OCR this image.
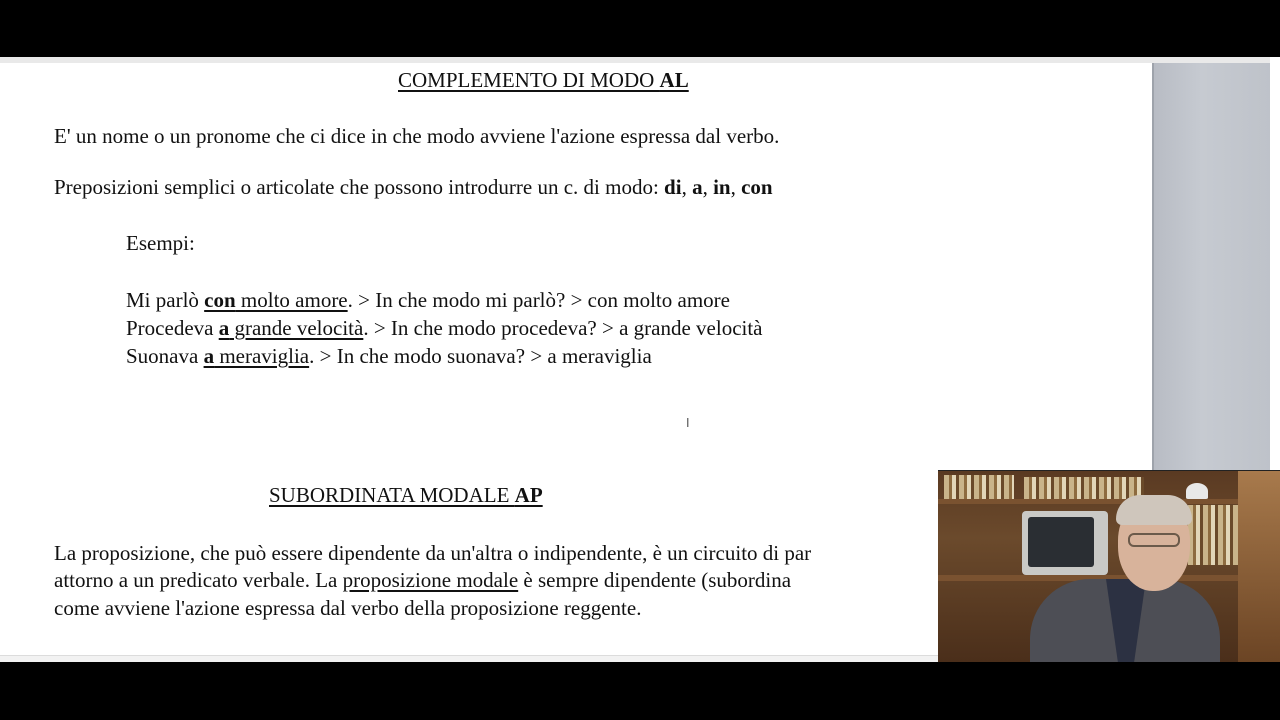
COMPLEMENTO DI MODO AL
E' un nome o un pronome che ci dice in che modo avviene l'azione espressa dal verbo.
Preposizioni semplici o articolate che possono introdurre un c. di modo: di, a, in, con
Esempi:
Mi parlò con molto amore. > In che modo mi parlò? > con molto amore
Procedeva a grande velocità. > In che modo procedeva? > a grande velocità
Suonava a meraviglia. > In che modo suonava? > a meraviglia
SUBORDINATA MODALE AP
La proposizione, che può essere dipendente da un'altra o indipendente, è un circuito di par
attorno a un predicato verbale. La proposizione modale è sempre dipendente (subordina
come avviene l'azione espressa dal verbo della proposizione reggente.
I
